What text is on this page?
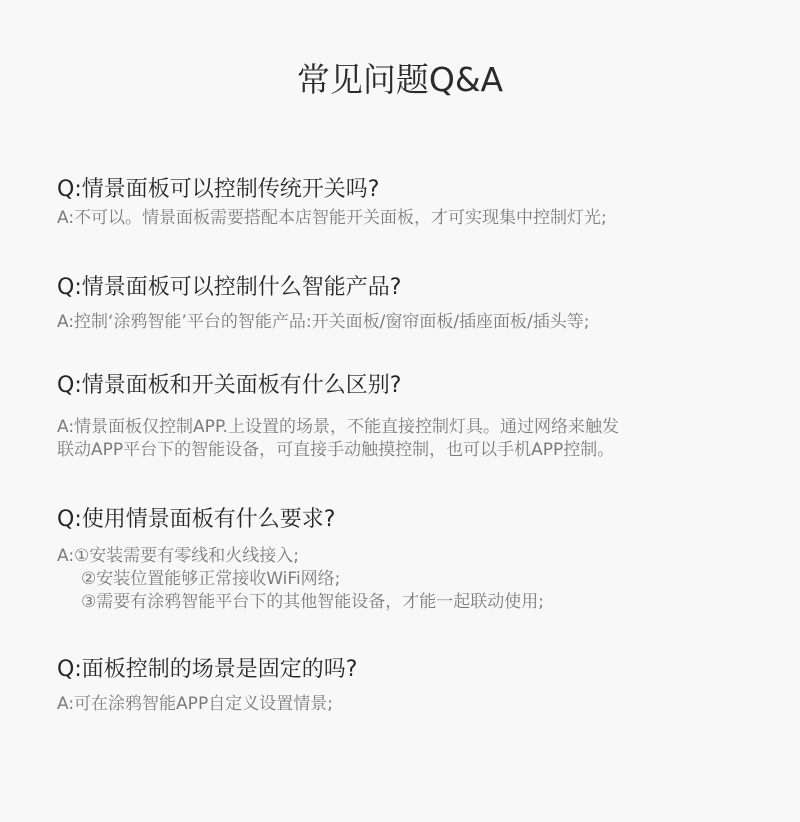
常见问题Q&A
Q:情景面板可以控制传统开关吗?

A:不可以。情景面板需要搭配本店智能开关面板，才可实现集中控制灯光;

Q:情景面板可以控制什么智能产品?

A:控制‘涂鸦智能’平台的智能产品:开关面板/窗帘面板/插座面板/插头等;

Q:情景面板和开关面板有什么区别?

A:情景面板仅控制APP.上设置的场景，不能直接控制灯具。通过网络来触发
联动APP平台下的智能设备，可直接手动触摸控制，也可以手机APP控制。

Q:使用情景面板有什么要求?

A:①安装需要有零线和火线接入;
②安装位置能够正常接收WiFi网络;
③需要有涂鸦智能平台下的其他智能设备，才能一起联动使用;

Q:面板控制的场景是固定的吗?

A:可在涂鸦智能APP自定义设置情景;
